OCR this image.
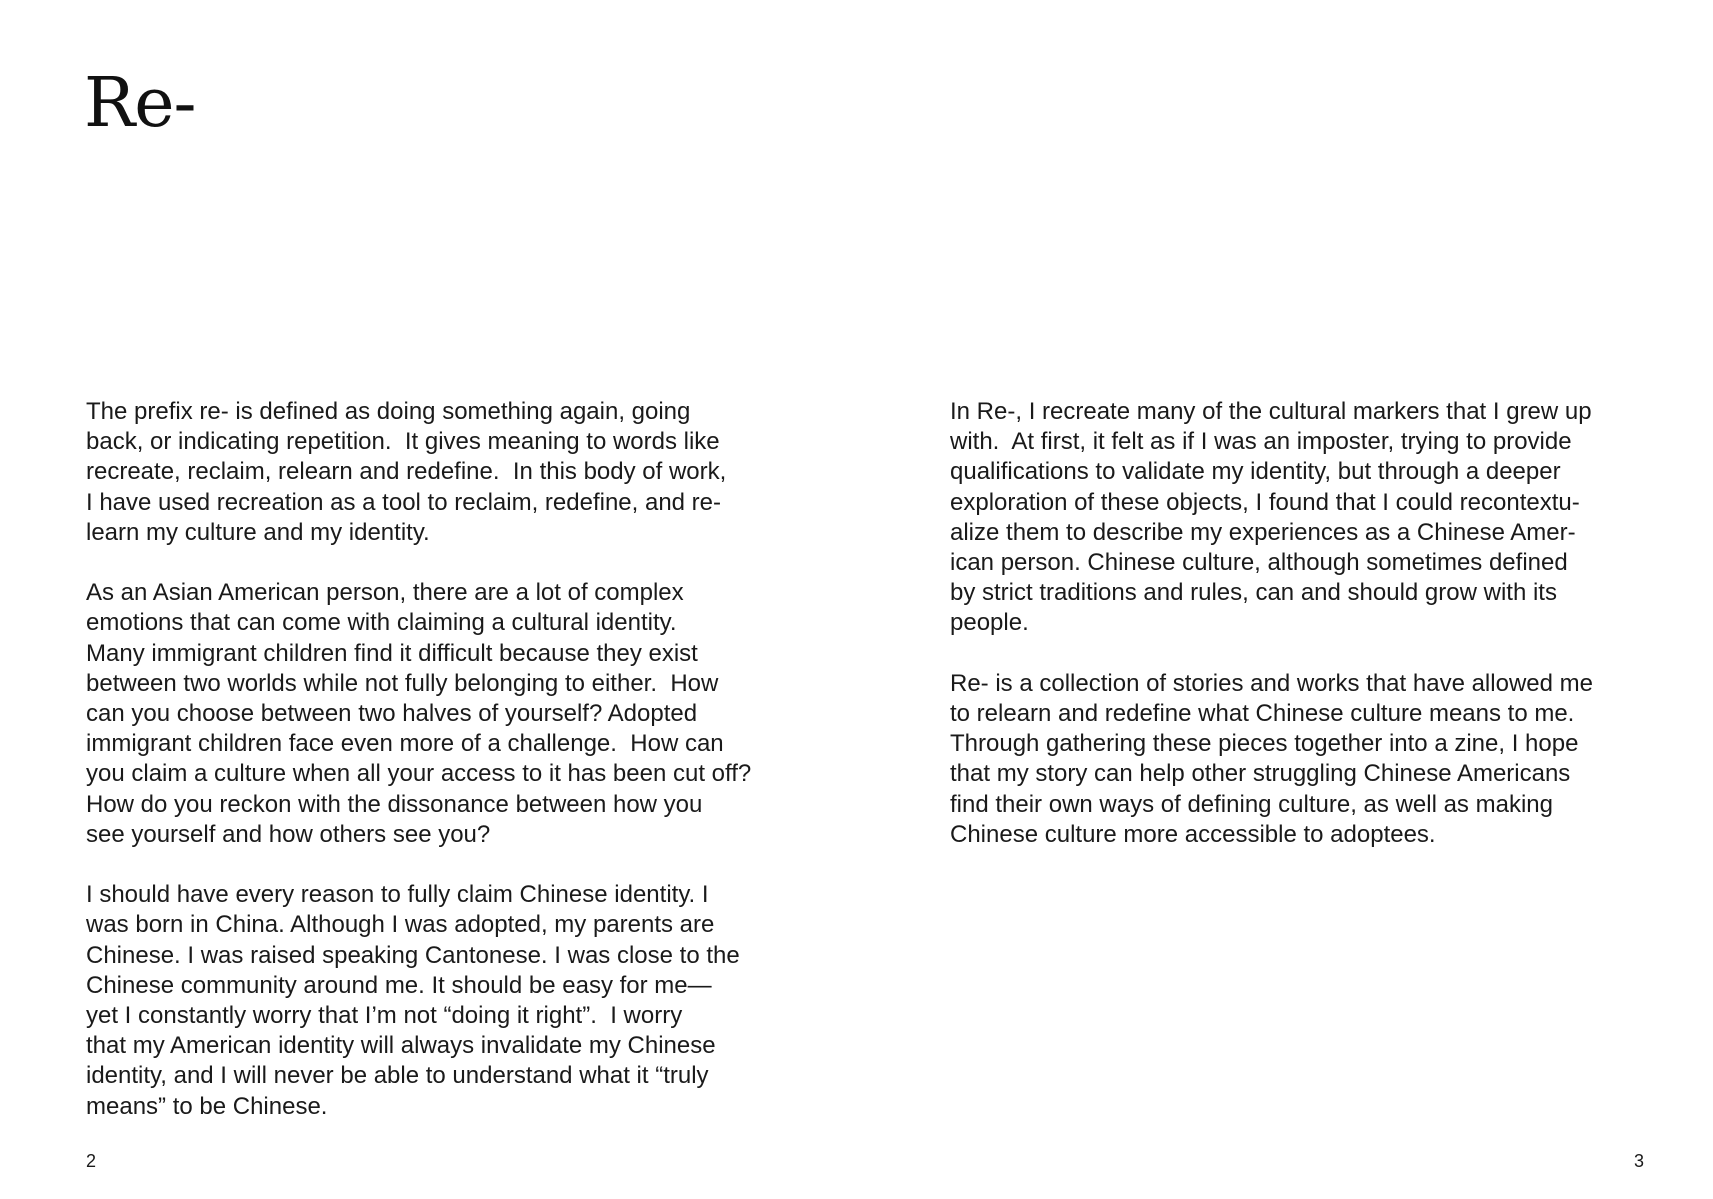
Re-

The prefix re- is defined as doing something again, going
back, or indicating repetition.  It gives meaning to words like
recreate, reclaim, relearn and redefine.  In this body of work,
I have used recreation as a tool to reclaim, redefine, and re-
learn my culture and my identity.

As an Asian American person, there are a lot of complex
emotions that can come with claiming a cultural identity.
Many immigrant children find it difficult because they exist
between two worlds while not fully belonging to either.  How
can you choose between two halves of yourself? Adopted
immigrant children face even more of a challenge.  How can
you claim a culture when all your access to it has been cut off?
How do you reckon with the dissonance between how you
see yourself and how others see you?

I should have every reason to fully claim Chinese identity. I
was born in China. Although I was adopted, my parents are
Chinese. I was raised speaking Cantonese. I was close to the
Chinese community around me. It should be easy for me—
yet I constantly worry that I’m not “doing it right”.  I worry
that my American identity will always invalidate my Chinese
identity, and I will never be able to understand what it “truly
means” to be Chinese.

In Re-, I recreate many of the cultural markers that I grew up
with.  At first, it felt as if I was an imposter, trying to provide
qualifications to validate my identity, but through a deeper
exploration of these objects, I found that I could recontextu-
alize them to describe my experiences as a Chinese Amer-
ican person. Chinese culture, although sometimes defined
by strict traditions and rules, can and should grow with its
people.

Re- is a collection of stories and works that have allowed me
to relearn and redefine what Chinese culture means to me.
Through gathering these pieces together into a zine, I hope
that my story can help other struggling Chinese Americans
find their own ways of defining culture, as well as making
Chinese culture more accessible to adoptees.

2	3
